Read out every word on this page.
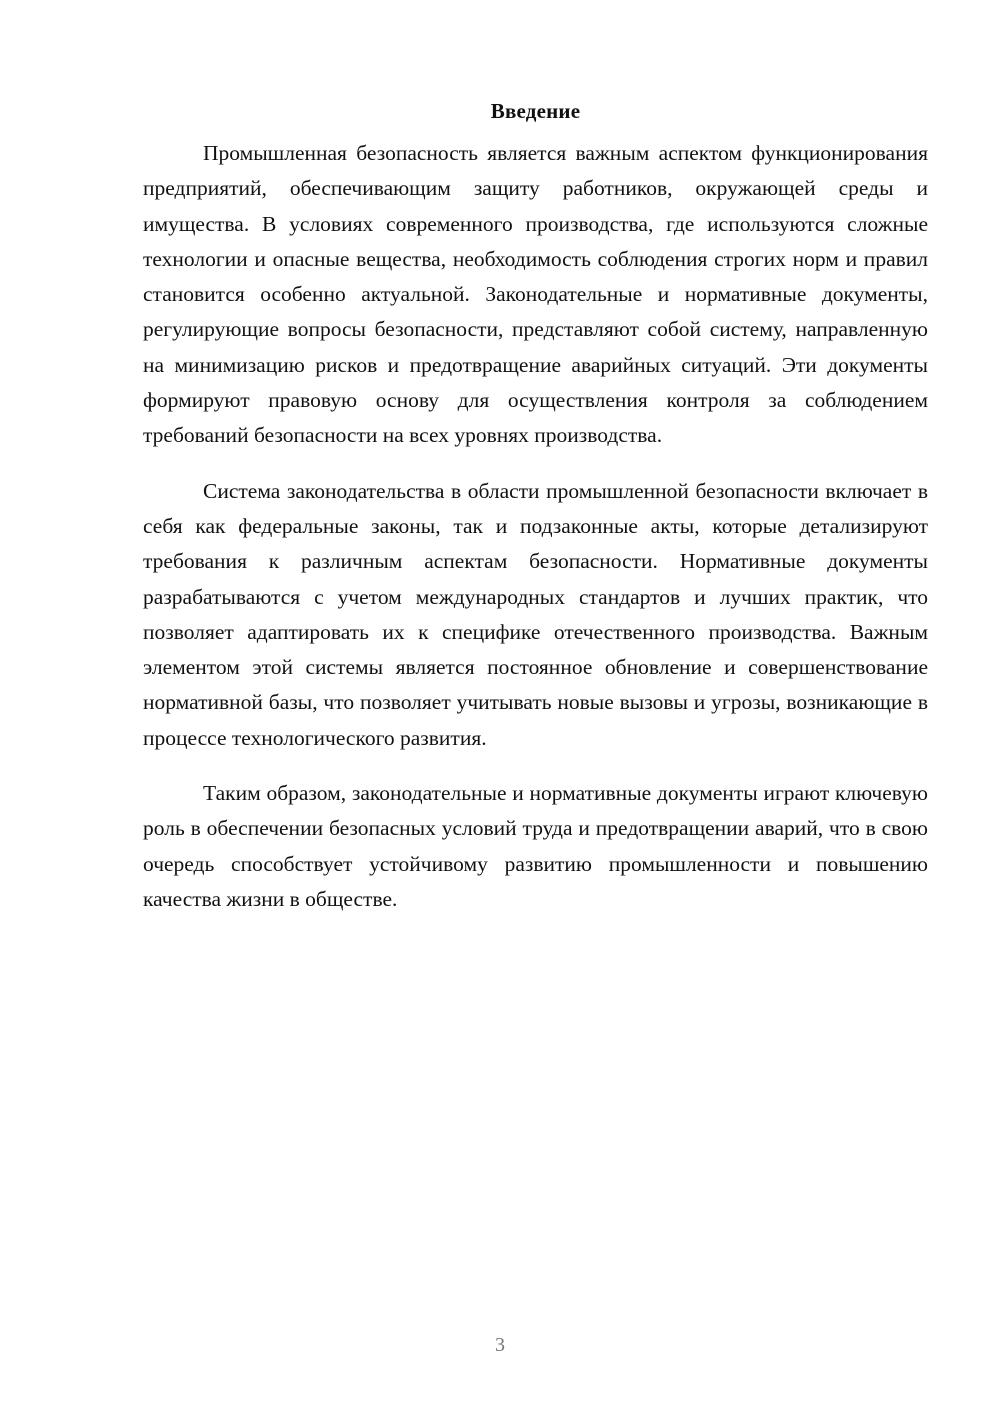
Введение

Промышленная безопасность является важным аспектом функционирования предприятий, обеспечивающим защиту работников, окружающей среды и имущества. В условиях современного производства, где используются сложные технологии и опасные вещества, необходимость соблюдения строгих норм и правил становится особенно актуальной. Законодательные и нормативные документы, регулирующие вопросы безопасности, представляют собой систему, направленную на минимизацию рисков и предотвращение аварийных ситуаций. Эти документы формируют правовую основу для осуществления контроля за соблюдением требований безопасности на всех уровнях производства.

Система законодательства в области промышленной безопасности включает в себя как федеральные законы, так и подзаконные акты, которые детализируют требования к различным аспектам безопасности. Нормативные документы разрабатываются с учетом международных стандартов и лучших практик, что позволяет адаптировать их к специфике отечественного производства. Важным элементом этой системы является постоянное обновление и совершенствование нормативной базы, что позволяет учитывать новые вызовы и угрозы, возникающие в процессе технологического развития.

Таким образом, законодательные и нормативные документы играют ключевую роль в обеспечении безопасных условий труда и предотвращении аварий, что в свою очередь способствует устойчивому развитию промышленности и повышению качества жизни в обществе.

3
